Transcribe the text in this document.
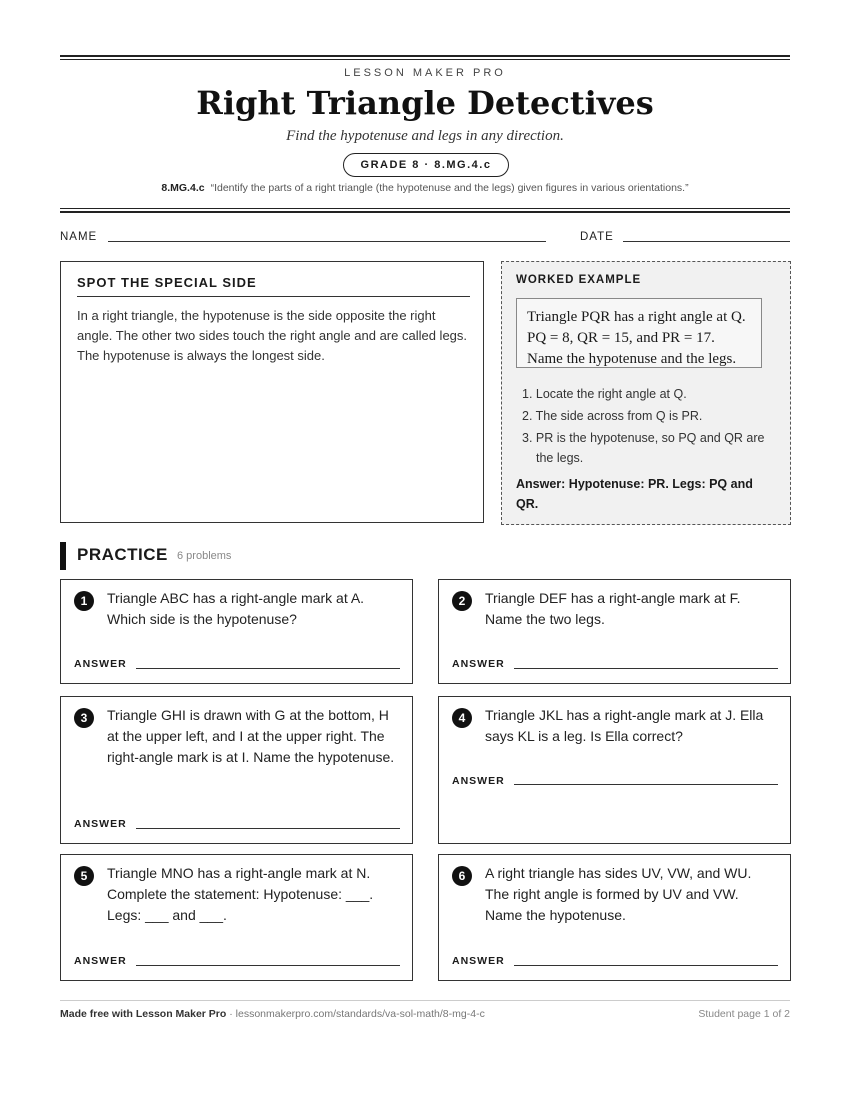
LESSON MAKER PRO
Right Triangle Detectives
Find the hypotenuse and legs in any direction.
GRADE 8 · 8.MG.4.c
8.MG.4.c “Identify the parts of a right triangle (the hypotenuse and the legs) given figures in various orientations.”
NAME	DATE
SPOT THE SPECIAL SIDE
In a right triangle, the hypotenuse is the side opposite the right angle. The other two sides touch the right angle and are called legs. The hypotenuse is always the longest side.
WORKED EXAMPLE
Triangle PQR has a right angle at Q.
PQ = 8, QR = 15, and PR = 17.
Name the hypotenuse and the legs.
1. Locate the right angle at Q.
2. The side across from Q is PR.
3. PR is the hypotenuse, so PQ and QR are the legs.
Answer: Hypotenuse: PR. Legs: PQ and QR.
PRACTICE 6 problems
1	Triangle ABC has a right-angle mark at A. Which side is the hypotenuse?
ANSWER
2	Triangle DEF has a right-angle mark at F. Name the two legs.
ANSWER
3	Triangle GHI is drawn with G at the bottom, H at the upper left, and I at the upper right. The right-angle mark is at I. Name the hypotenuse.
ANSWER
4	Triangle JKL has a right-angle mark at J. Ella says KL is a leg. Is Ella correct?
ANSWER
5	Triangle MNO has a right-angle mark at N. Complete the statement: Hypotenuse: ___. Legs: ___ and ___.
ANSWER
6	A right triangle has sides UV, VW, and WU. The right angle is formed by UV and VW. Name the hypotenuse.
ANSWER
Made free with Lesson Maker Pro · lessonmakerpro.com/standards/va-sol-math/8-mg-4-c	Student page 1 of 2
